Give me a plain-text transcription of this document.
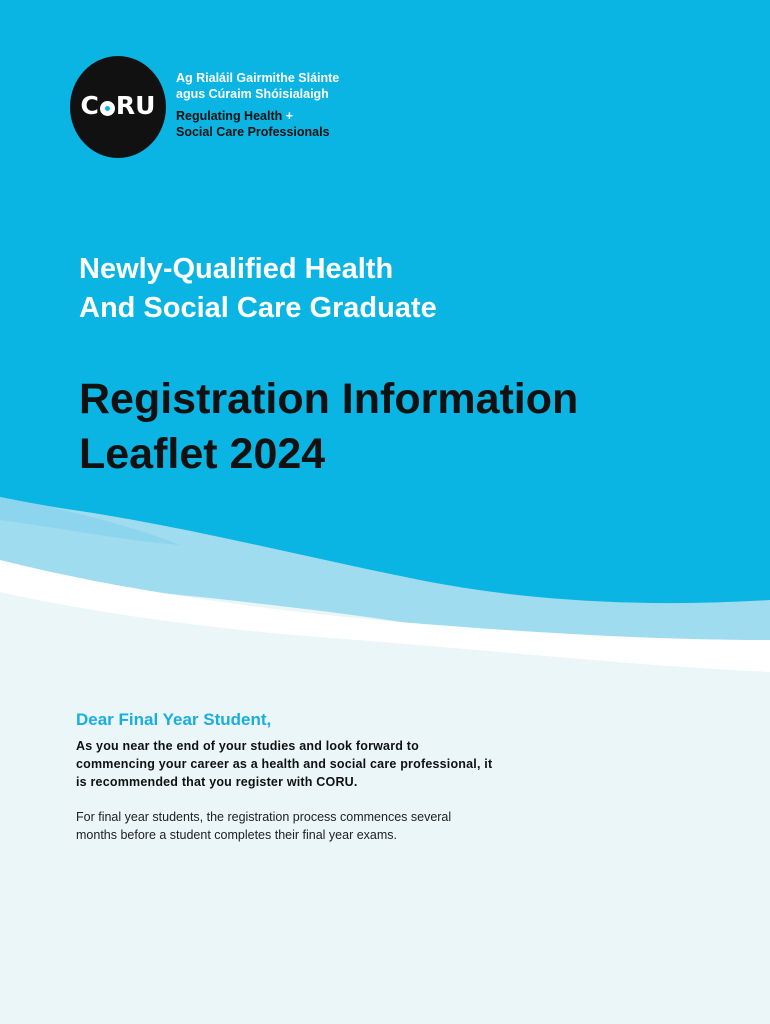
C RU
Ag Rialáil Gairmithe Sláinte
agus Cúraim Shóisialaigh
Regulating Health +
Social Care Professionals
Newly-Qualified Health
And Social Care Graduate
Registration Information
Leaflet 2024
Dear Final Year Student,
As you near the end of your studies and look forward to
commencing your career as a health and social care professional, it
is recommended that you register with CORU.
For final year students, the registration process commences several
months before a student completes their final year exams.
